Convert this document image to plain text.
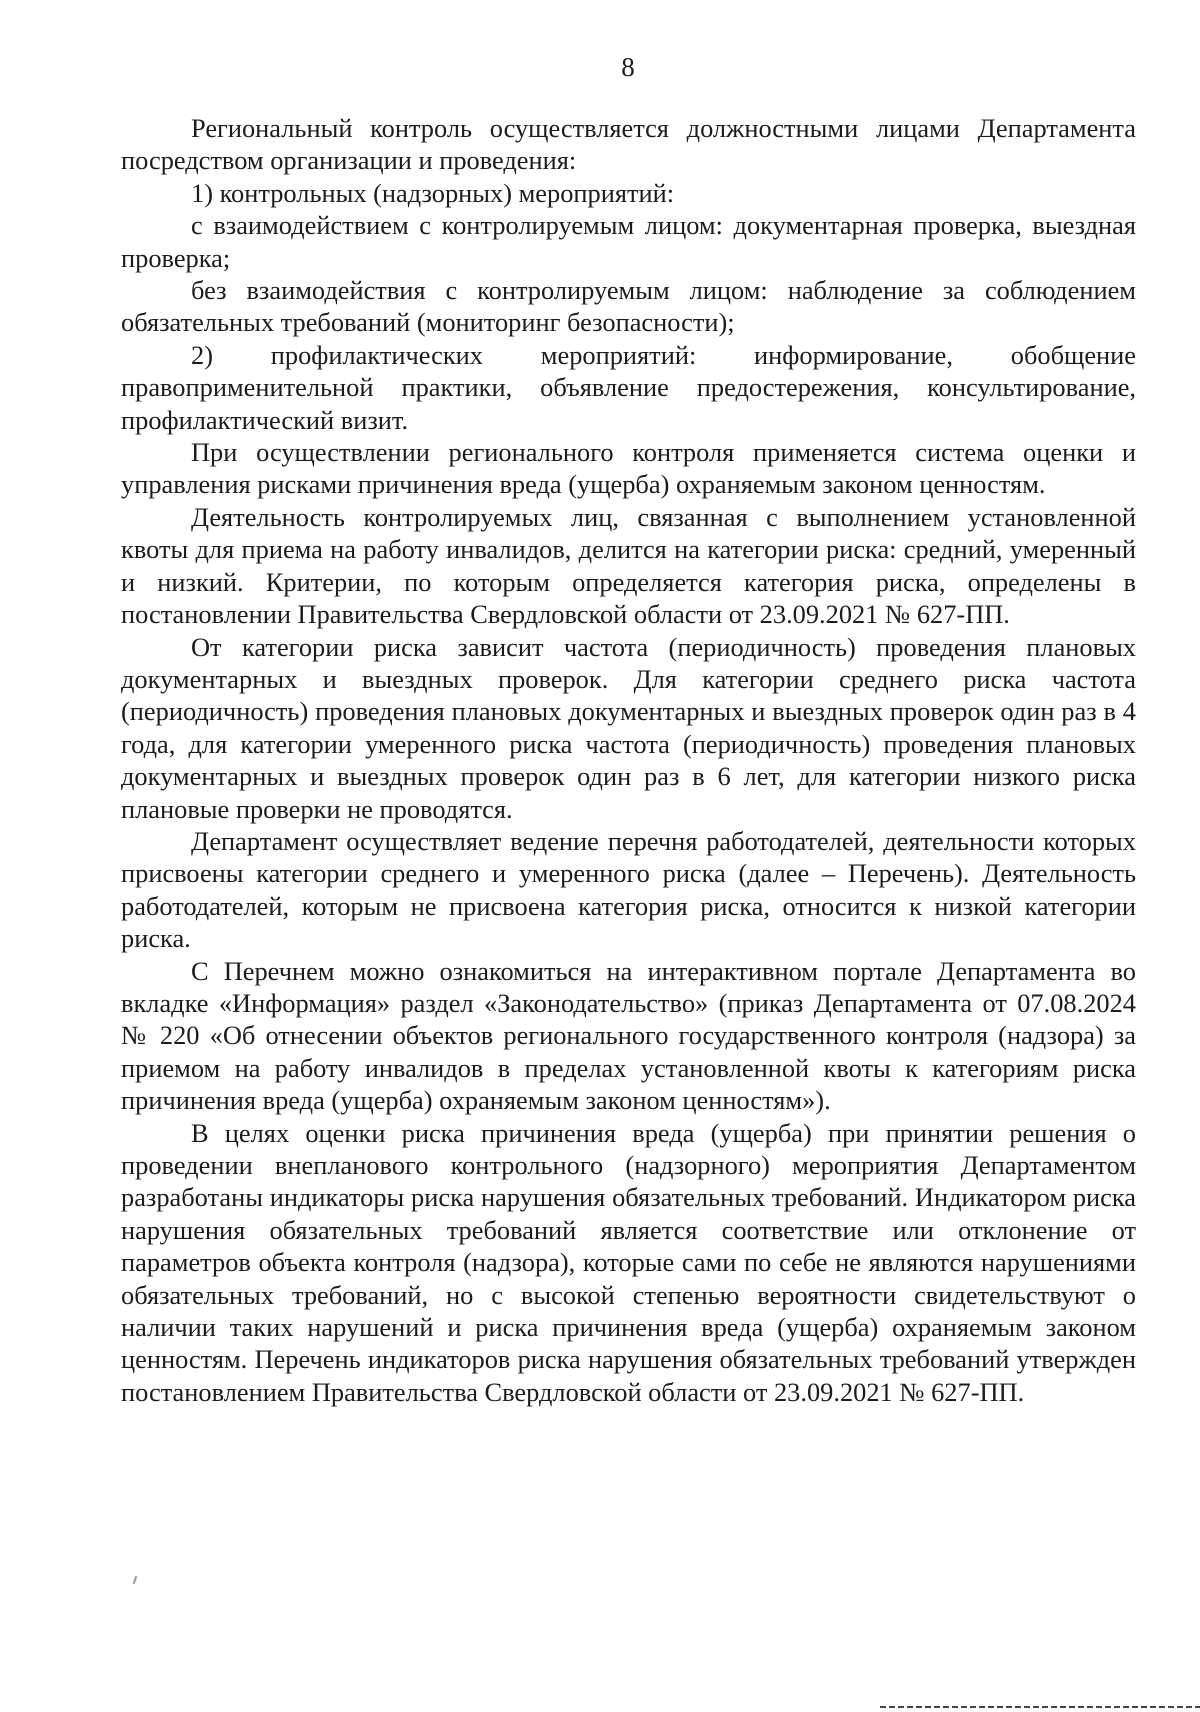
8

Региональный контроль осуществляется должностными лицами Департамента посредством организации и проведения:

1) контрольных (надзорных) мероприятий:

с взаимодействием с контролируемым лицом: документарная проверка, выездная проверка;

без взаимодействия с контролируемым лицом: наблюдение за соблюдением обязательных требований (мониторинг безопасности);

2) профилактических мероприятий: информирование, обобщение правоприменительной практики, объявление предостережения, консультирование, профилактический визит.

При осуществлении регионального контроля применяется система оценки и управления рисками причинения вреда (ущерба) охраняемым законом ценностям.

Деятельность контролируемых лиц, связанная с выполнением установленной квоты для приема на работу инвалидов, делится на категории риска: средний, умеренный и низкий. Критерии, по которым определяется категория риска, определены в постановлении Правительства Свердловской области от 23.09.2021 № 627-ПП.

От категории риска зависит частота (периодичность) проведения плановых документарных и выездных проверок. Для категории среднего риска частота (периодичность) проведения плановых документарных и выездных проверок один раз в 4 года, для категории умеренного риска частота (периодичность) проведения плановых документарных и выездных проверок один раз в 6 лет, для категории низкого риска плановые проверки не проводятся.

Департамент осуществляет ведение перечня работодателей, деятельности которых присвоены категории среднего и умеренного риска (далее – Перечень). Деятельность работодателей, которым не присвоена категория риска, относится к низкой категории риска.

С Перечнем можно ознакомиться на интерактивном портале Департамента во вкладке «Информация» раздел «Законодательство» (приказ Департамента от 07.08.2024 № 220 «Об отнесении объектов регионального государственного контроля (надзора) за приемом на работу инвалидов в пределах установленной квоты к категориям риска причинения вреда (ущерба) охраняемым законом ценностям»).

В целях оценки риска причинения вреда (ущерба) при принятии решения о проведении внепланового контрольного (надзорного) мероприятия Департаментом разработаны индикаторы риска нарушения обязательных требований. Индикатором риска нарушения обязательных требований является соответствие или отклонение от параметров объекта контроля (надзора), которые сами по себе не являются нарушениями обязательных требований, но с высокой степенью вероятности свидетельствуют о наличии таких нарушений и риска причинения вреда (ущерба) охраняемым законом ценностям. Перечень индикаторов риска нарушения обязательных требований утвержден постановлением Правительства Свердловской области от 23.09.2021 № 627-ПП.
